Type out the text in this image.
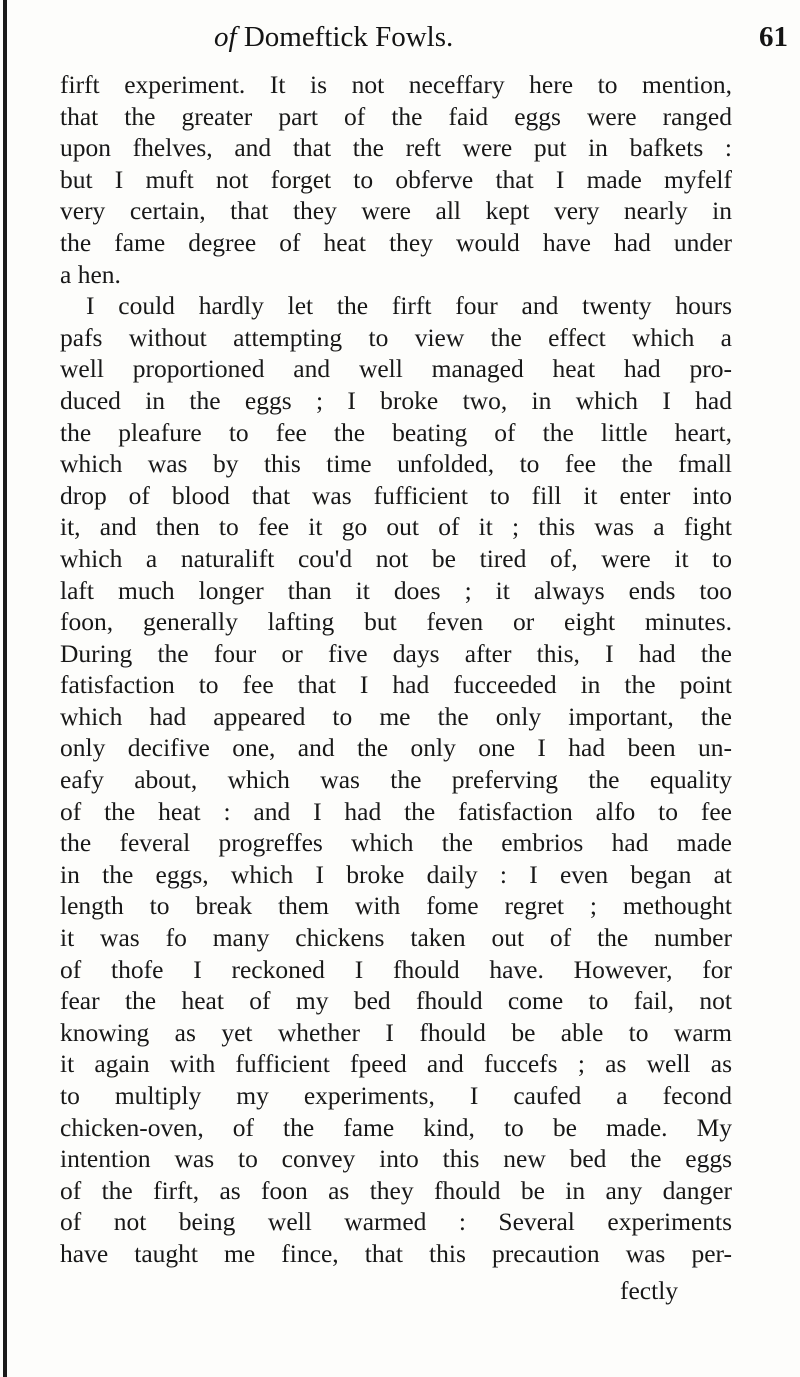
of Domeftick Fowls.	61
firft experiment. It is not neceffary here to mention,
that the greater part of the faid eggs were ranged
upon fhelves, and that the reft were put in bafkets :
but I muft not forget to obferve that I made myfelf
very certain, that they were all kept very nearly in
the fame degree of heat they would have had under
a hen.
I could hardly let the firft four and twenty hours
pafs without attempting to view the effect which a
well proportioned and well managed heat had pro-
duced in the eggs ; I broke two, in which I had
the pleafure to fee the beating of the little heart,
which was by this time unfolded, to fee the fmall
drop of blood that was fufficient to fill it enter into
it, and then to fee it go out of it ; this was a fight
which a naturalift cou'd not be tired of, were it to
laft much longer than it does ; it always ends too
foon, generally lafting but feven or eight minutes.
During the four or five days after this, I had the
fatisfaction to fee that I had fucceeded in the point
which had appeared to me the only important, the
only decifive one, and the only one I had been un-
eafy about, which was the preferving the equality
of the heat : and I had the fatisfaction alfo to fee
the feveral progreffes which the embrios had made
in the eggs, which I broke daily : I even began at
length to break them with fome regret ; methought
it was fo many chickens taken out of the number
of thofe I reckoned I fhould have. However, for
fear the heat of my bed fhould come to fail, not
knowing as yet whether I fhould be able to warm
it again with fufficient fpeed and fuccefs ; as well as
to multiply my experiments, I caufed a fecond
chicken-oven, of the fame kind, to be made. My
intention was to convey into this new bed the eggs
of the firft, as foon as they fhould be in any danger
of not being well warmed : Several experiments
have taught me fince, that this precaution was per-
fectly
